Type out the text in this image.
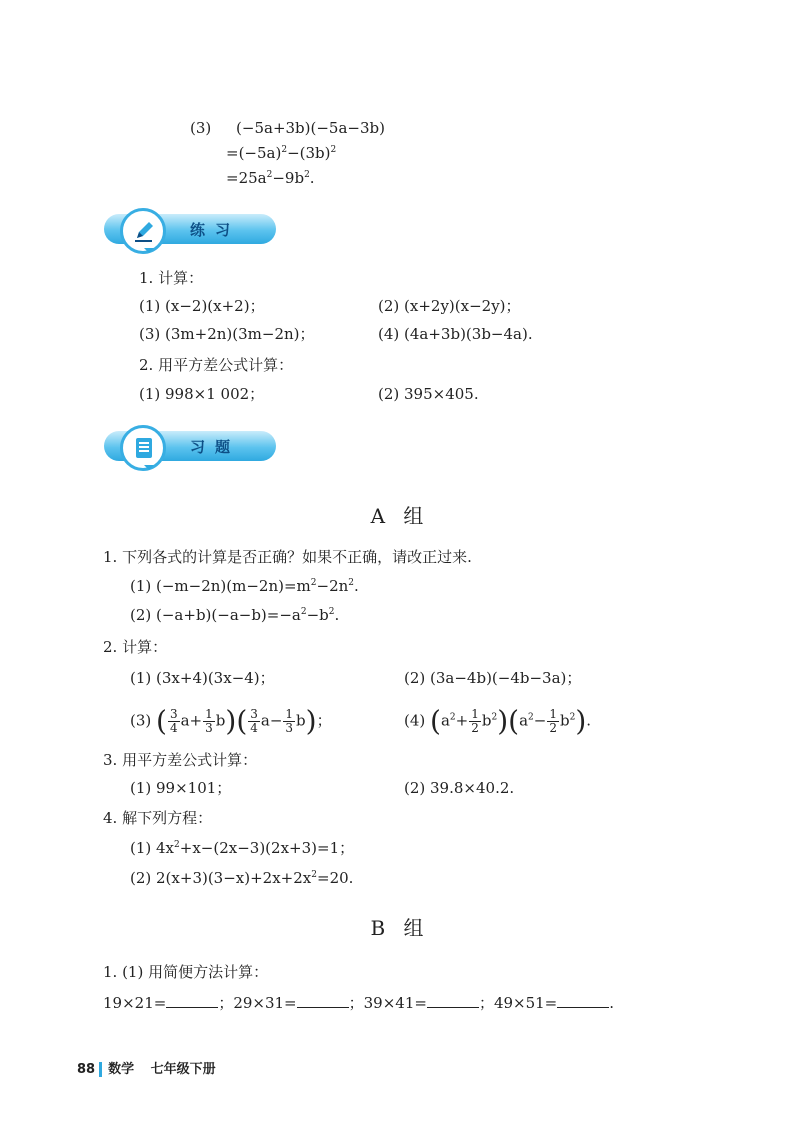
(3) (−5a+3b)(−5a−3b)
$=(-5a)^2-(3b)^2$
$=25a^2-9b^2$.
练习
1. 计算：
(1) (x−2)(x+2)；	(2) (x+2y)(x−2y)；
(3) (3m+2n)(3m−2n)；	(4) (4a+3b)(3b−4a).
2. 用平方差公式计算：
(1) 998×1 002；	(2) 395×405.
习题
A 组
1. 下列各式的计算是否正确？如果不正确，请改正过来.
(1) $(-m-2n)(m-2n)=m^2-2n^2$.
(2) $(-a+b)(-a-b)=-a^2-b^2$.
2. 计算：
(1) (3x+4)(3x−4)；	(2) (3a−4b)(−4b−3a)；
(3) ( $\frac{3}{4} a+ \frac{1}{3} b)( \frac{3}{4} a- \frac{1}{3} b)$；	(4) $(a^2+ \frac{1}{2} b^2)(a^2- \frac{1}{2} b^2)$.
3. 用平方差公式计算：
(1) 99×101；	(2) 39.8×40.2.
4. 解下列方程：
(1) $4x^2+x-(2x-3)(2x+3)=1$；
(2) $2(x+3)(3-x)+2x+2x^2=20$.
B 组
1. (1) 用简便方法计算：
19×21=	；29×31=	；39×41=	；49×51=	.
88 数学 七年级下册
